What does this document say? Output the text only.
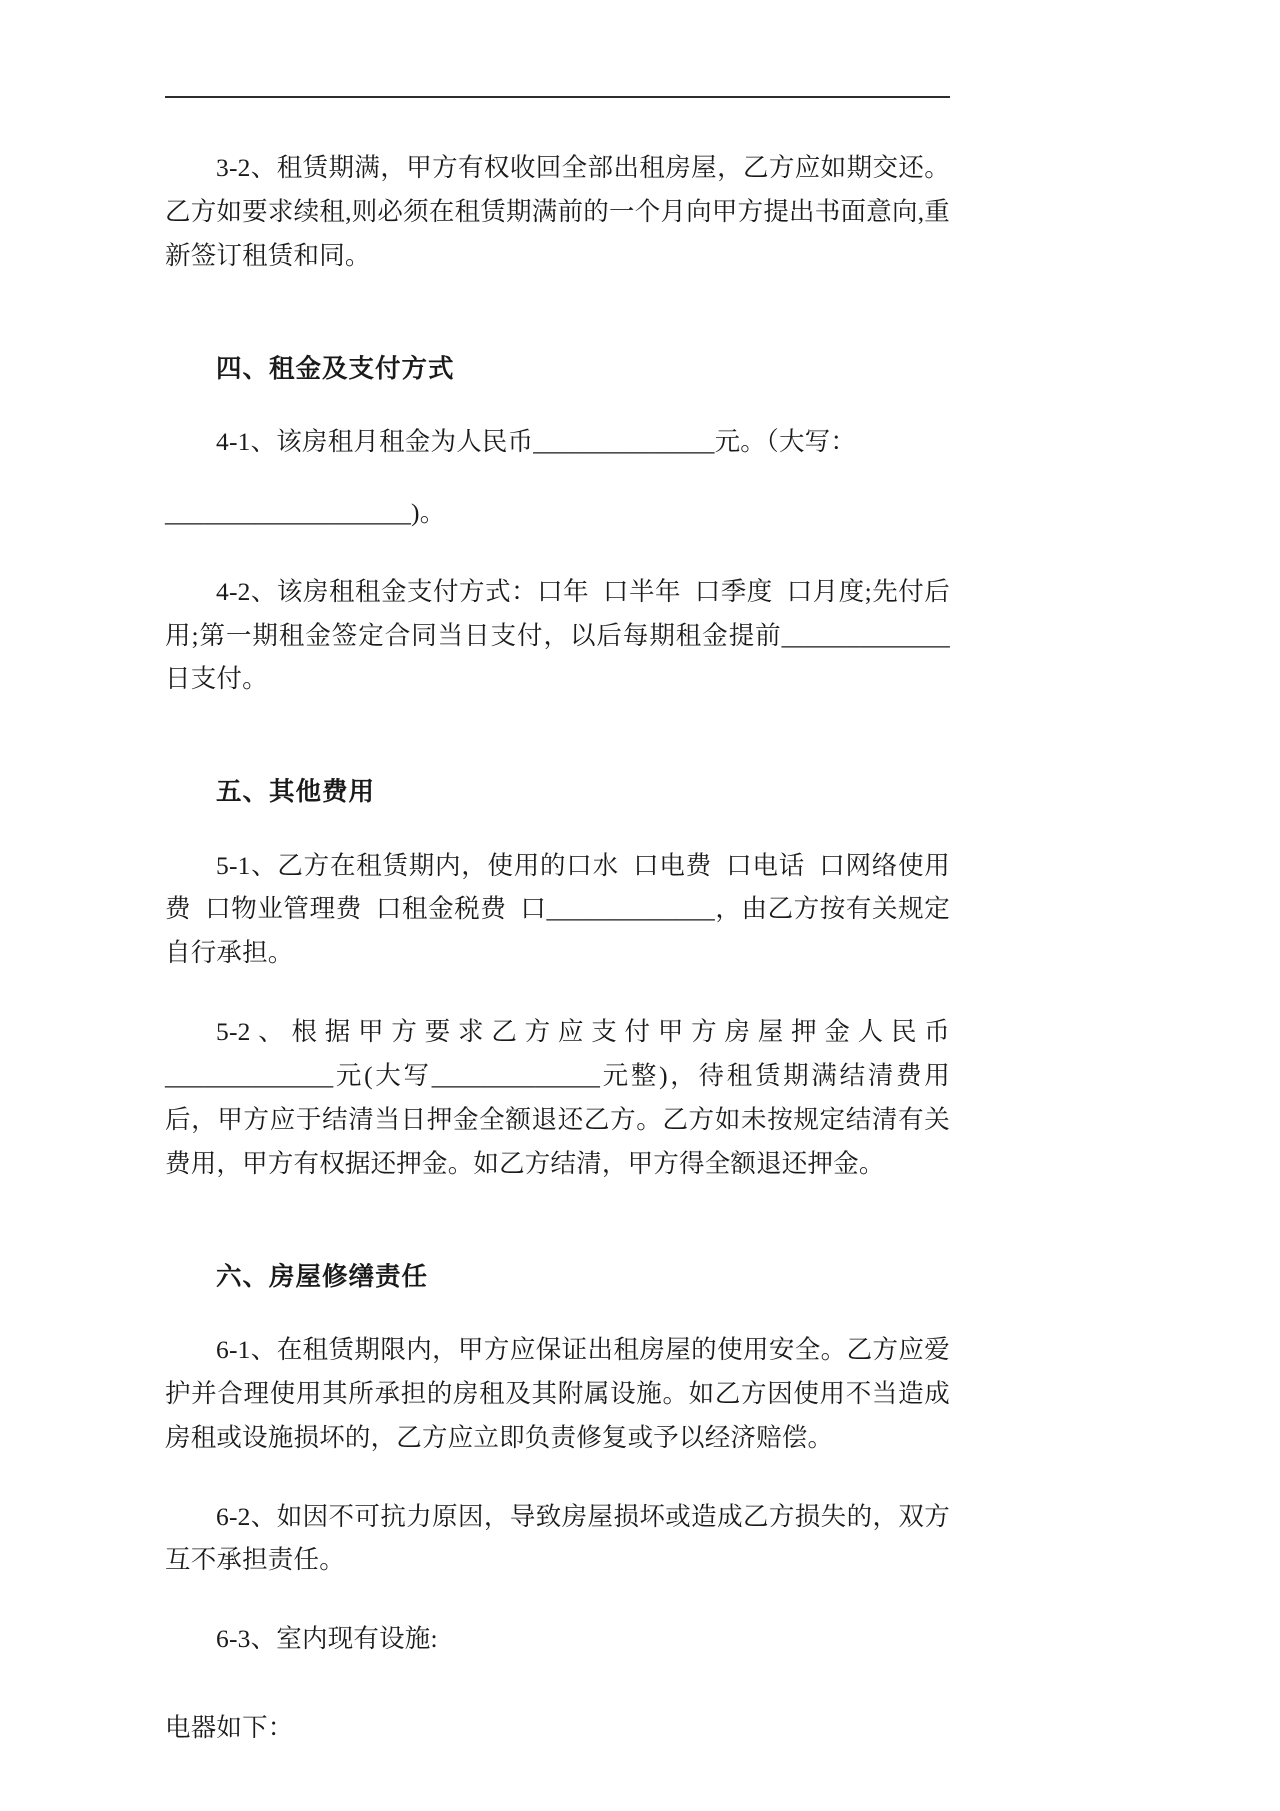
3-2、租赁期满，甲方有权收回全部出租房屋，乙方应如期交还。乙方如要求续租,则必须在租赁期满前的一个月向甲方提出书面意向,重新签订租赁和同。

四、租金及支付方式

4-1、该房租月租金为人民币______________元。（大写：

___________________)。

4-2、该房租租金支付方式：口年  口半年  口季度  口月度;先付后用;第一期租金签定合同当日支付，以后每期租金提前_____________日支付。

五、其他费用

5-1、乙方在租赁期内，使用的口水  口电费  口电话  口网络使用费  口物业管理费  口租金税费  口_____________，由乙方按有关规定自行承担。

5-2、根据甲方要求乙方应支付甲方房屋押金人民币_____________元(大写_____________元整)，待租赁期满结清费用后，甲方应于结清当日押金全额退还乙方。乙方如未按规定结清有关费用，甲方有权据还押金。如乙方结清，甲方得全额退还押金。

六、房屋修缮责任

6-1、在租赁期限内，甲方应保证出租房屋的使用安全。乙方应爱护并合理使用其所承担的房租及其附属设施。如乙方因使用不当造成房租或设施损坏的，乙方应立即负责修复或予以经济赔偿。

6-2、如因不可抗力原因，导致房屋损坏或造成乙方损失的，双方互不承担责任。

6-3、室内现有设施:

电器如下：
